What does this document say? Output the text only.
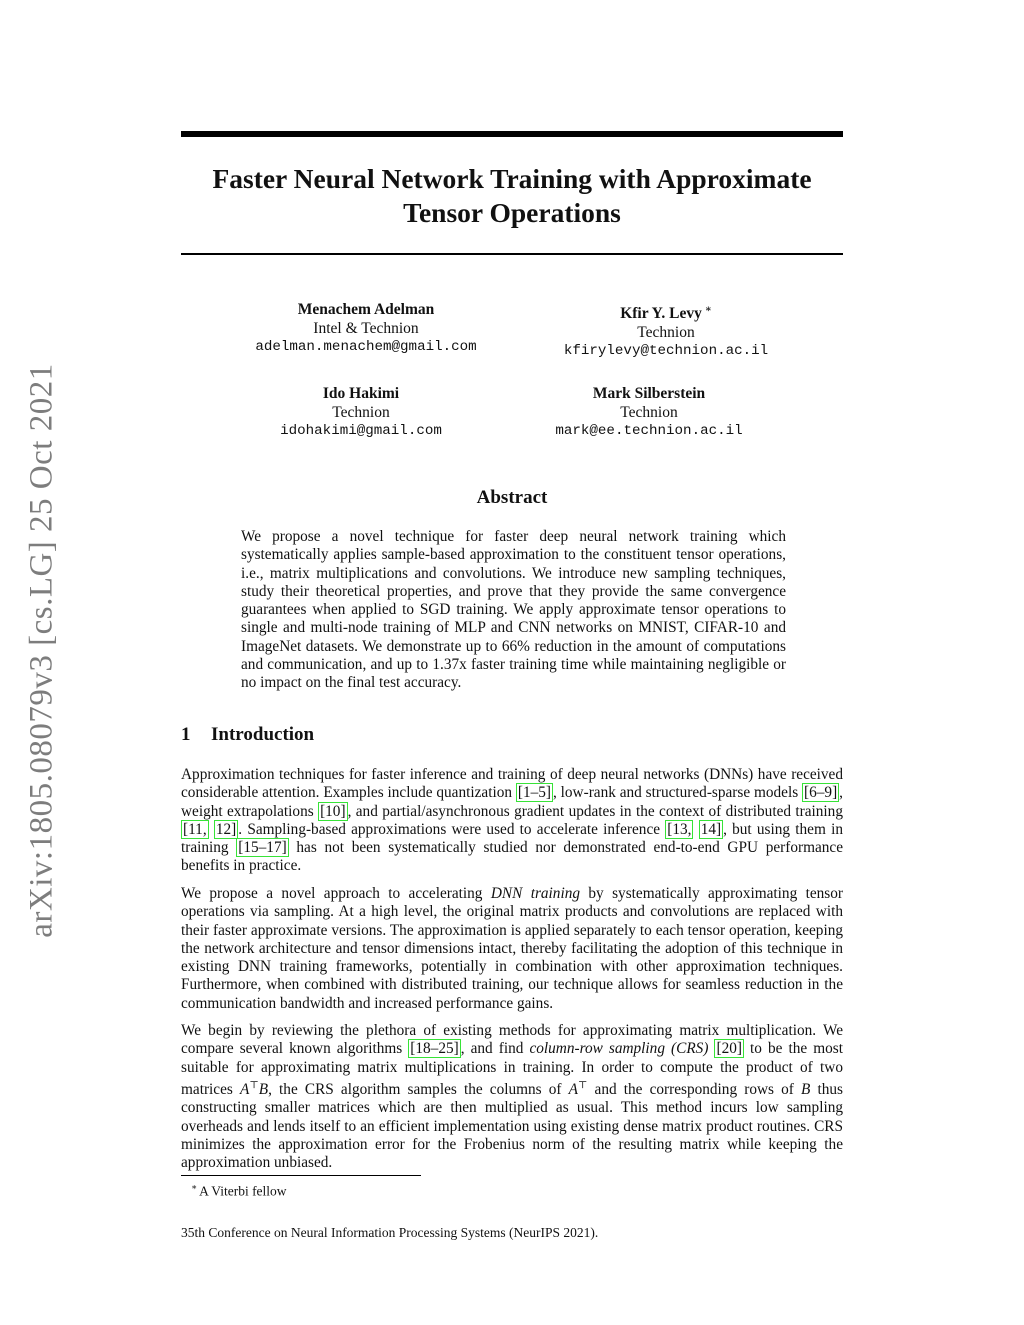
arXiv:1805.08079v3 [cs.LG] 25 Oct 2021
Faster Neural Network Training with Approximate Tensor Operations
Menachem Adelman
Intel & Technion
adelman.menachem@gmail.com
Kfir Y. Levy ∗
Technion
kfirylevy@technion.ac.il
Ido Hakimi
Technion
idohakimi@gmail.com
Mark Silberstein
Technion
mark@ee.technion.ac.il
Abstract
We propose a novel technique for faster deep neural network training which systematically applies sample-based approximation to the constituent tensor operations, i.e., matrix multiplications and convolutions. We introduce new sampling techniques, study their theoretical properties, and prove that they provide the same convergence guarantees when applied to SGD training. We apply approximate tensor operations to single and multi-node training of MLP and CNN networks on MNIST, CIFAR-10 and ImageNet datasets. We demonstrate up to 66% reduction in the amount of computations and communication, and up to 1.37x faster training time while maintaining negligible or no impact on the final test accuracy.
1 Introduction

Approximation techniques for faster inference and training of deep neural networks (DNNs) have received considerable attention. Examples include quantization [1–5] , low-rank and structured-sparse models [6–9] , weight extrapolations [10] , and partial/asynchronous gradient updates in the context of distributed training [11, 12] . Sampling-based approximations were used to accelerate inference [13, 14] , but using them in training [15–17] has not been systematically studied nor demonstrated end-to-end GPU performance benefits in practice.

We propose a novel approach to accelerating DNN training by systematically approximating tensor operations via sampling. At a high level, the original matrix products and convolutions are replaced with their faster approximate versions. The approximation is applied separately to each tensor operation, keeping the network architecture and tensor dimensions intact, thereby facilitating the adoption of this technique in existing DNN training frameworks, potentially in combination with other approximation techniques. Furthermore, when combined with distributed training, our technique allows for seamless reduction in the communication bandwidth and increased performance gains.

We begin by reviewing the plethora of existing methods for approximating matrix multiplication. We compare several known algorithms [18–25] , and find column-row sampling (CRS) [20] to be the most suitable for approximating matrix multiplications in training. In order to compute the product of two matrices A⊤B, the CRS algorithm samples the columns of A⊤ and the corresponding rows of B thus constructing smaller matrices which are then multiplied as usual. This method incurs low sampling overheads and lends itself to an efficient implementation using existing dense matrix product routines. CRS minimizes the approximation error for the Frobenius norm of the resulting matrix while keeping the approximation unbiased.

∗ A Viterbi fellow
35th Conference on Neural Information Processing Systems (NeurIPS 2021).
